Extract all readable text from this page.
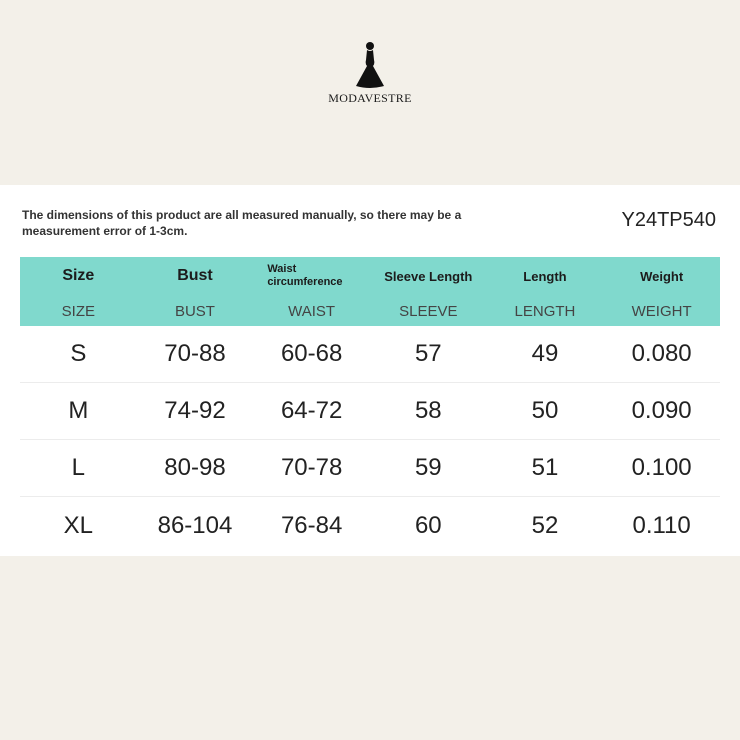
MODAVESTRE
The dimensions of this product are all measured manually, so there may be a measurement error of 1-3cm.	Y24TP540
Size	Bust	Waist circumference	Sleeve Length	Length	Weight
SIZE	BUST	WAIST	SLEEVE	LENGTH	WEIGHT
S	70-88	60-68	57	49	0.080
M	74-92	64-72	58	50	0.090
L	80-98	70-78	59	51	0.100
XL	86-104	76-84	60	52	0.110
